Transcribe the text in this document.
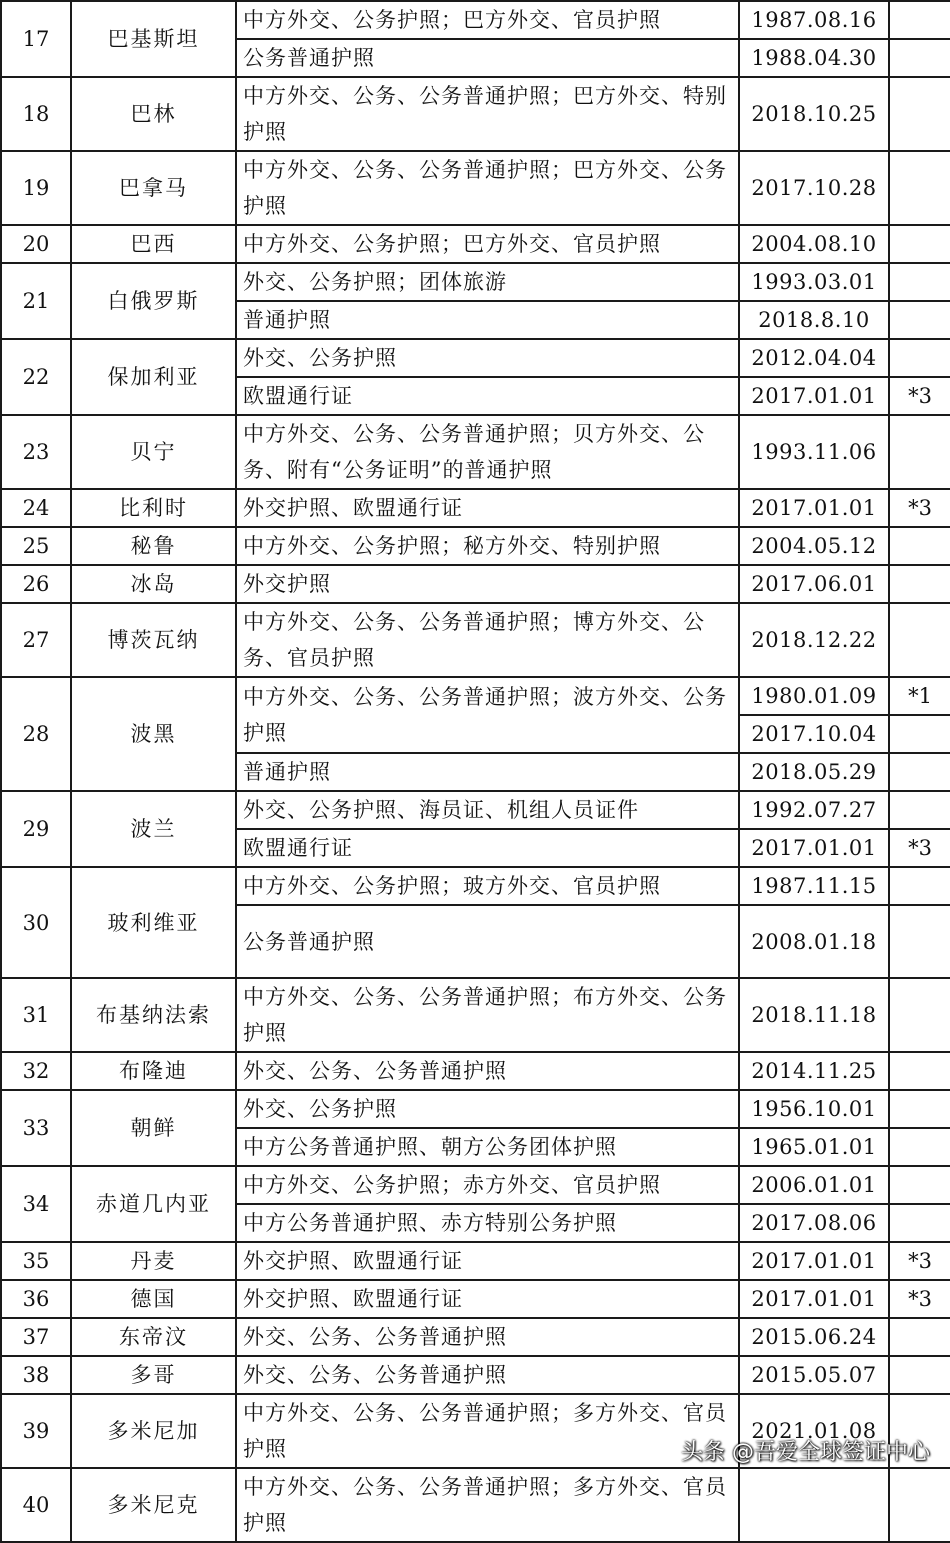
17	巴基斯坦	中方外交、公务护照；巴方外交、官员护照	1987.08.16	
		公务普通护照	1988.04.30	
18	巴林	中方外交、公务、公务普通护照；巴方外交、特别护照	2018.10.25	
19	巴拿马	中方外交、公务、公务普通护照；巴方外交、公务护照	2017.10.28	
20	巴西	中方外交、公务护照；巴方外交、官员护照	2004.08.10	
21	白俄罗斯	外交、公务护照；团体旅游	1993.03.01	
		普通护照	2018.8.10	
22	保加利亚	外交、公务护照	2012.04.04	
		欧盟通行证	2017.01.01	*3
23	贝宁	中方外交、公务、公务普通护照；贝方外交、公务、附有“公务证明”的普通护照	1993.11.06	
24	比利时	外交护照、欧盟通行证	2017.01.01	*3
25	秘鲁	中方外交、公务护照；秘方外交、特别护照	2004.05.12	
26	冰岛	外交护照	2017.06.01	
27	博茨瓦纳	中方外交、公务、公务普通护照；博方外交、公务、官员护照	2018.12.22	
28	波黑	中方外交、公务、公务普通护照；波方外交、公务护照	1980.01.09	*1
			2017.10.04	
		普通护照	2018.05.29	
29	波兰	外交、公务护照、海员证、机组人员证件	1992.07.27	
		欧盟通行证	2017.01.01	*3
30	玻利维亚	中方外交、公务护照；玻方外交、官员护照	1987.11.15	
		公务普通护照	2008.01.18	
31	布基纳法索	中方外交、公务、公务普通护照；布方外交、公务护照	2018.11.18	
32	布隆迪	外交、公务、公务普通护照	2014.11.25	
33	朝鲜	外交、公务护照	1956.10.01	
		中方公务普通护照、朝方公务团体护照	1965.01.01	
34	赤道几内亚	中方外交、公务护照；赤方外交、官员护照	2006.01.01	
		中方公务普通护照、赤方特别公务护照	2017.08.06	
35	丹麦	外交护照、欧盟通行证	2017.01.01	*3
36	德国	外交护照、欧盟通行证	2017.01.01	*3
37	东帝汶	外交、公务、公务普通护照	2015.06.24	
38	多哥	外交、公务、公务普通护照	2015.05.07	
39	多米尼加	中方外交、公务、公务普通护照；多方外交、官员护照	2021.01.08	
40	多米尼克	中方外交、公务、公务普通护照；多方外交、官员护照		
头条 @吾爱全球签证中心
